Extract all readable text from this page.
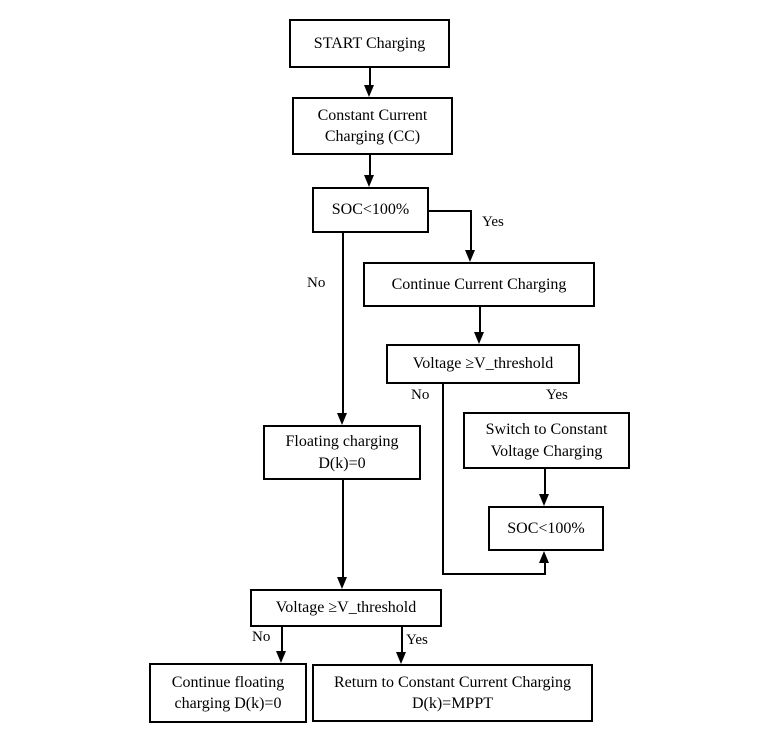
START Charging
Constant Current
Charging (CC)
SOC<100%
Continue Current Charging
Voltage ≥V_threshold
Switch to Constant
Voltage Charging
SOC<100%
Floating charging
D(k)=0
Voltage ≥V_threshold
Continue floating
charging D(k)=0
Return to Constant Current Charging
D(k)=MPPT
Yes
No
No	Yes
No	Yes
